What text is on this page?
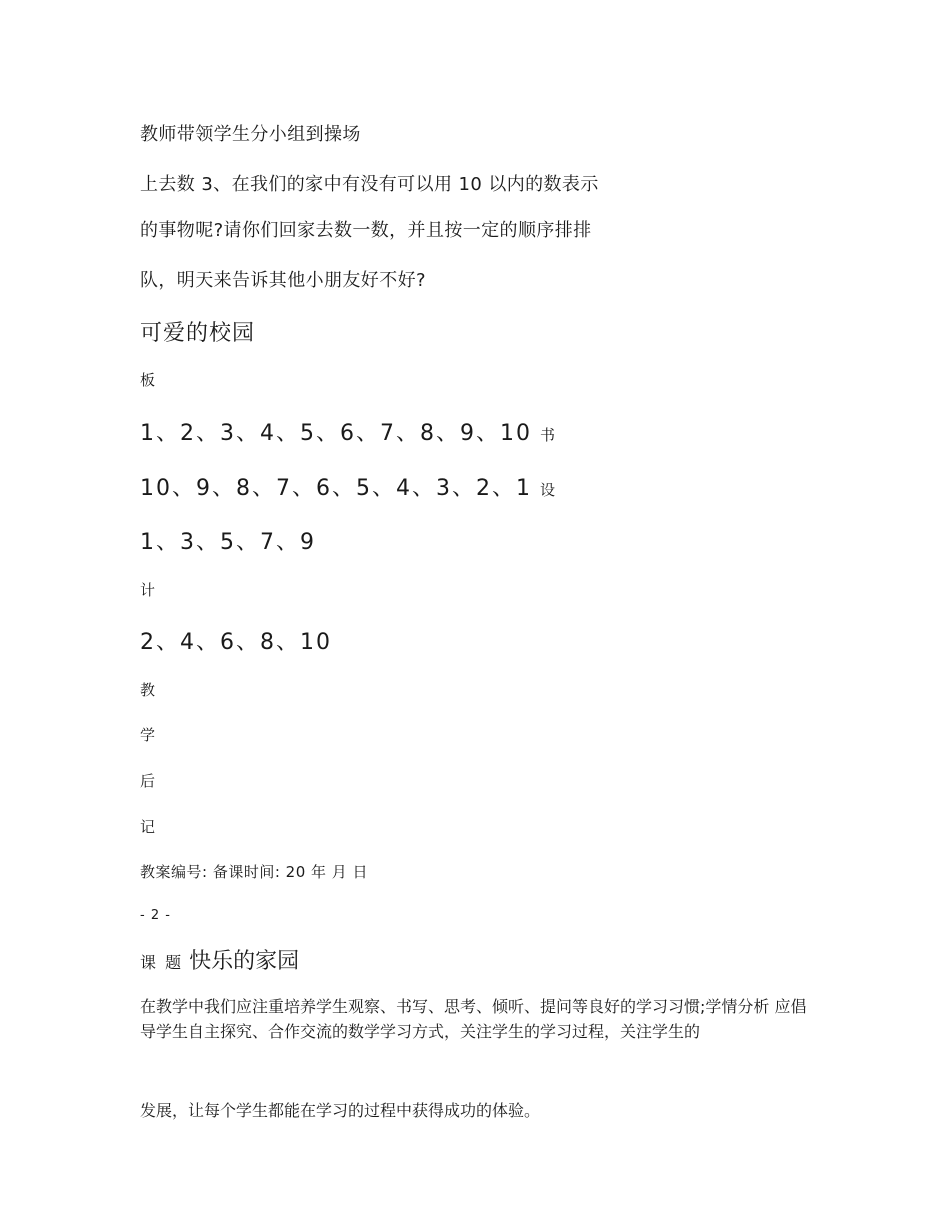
教师带领学生分小组到操场
上去数 3、在我们的家中有没有可以用 10 以内的数表示
的事物呢?请你们回家去数一数，并且按一定的顺序排排
队，明天来告诉其他小朋友好不好?
可爱的校园
板
1、2、3、4、5、6、7、8、9、10 书
10、9、8、7、6、5、4、3、2、1 设
1、3、5、7、9
计
2、4、6、8、10
教
学
后
记
教案编号: 备课时间: 20 年 月 日
- 2 -
课 题 快乐的家园
在教学中我们应注重培养学生观察、书写、思考、倾听、提问等良好的学习习惯;学情分析 应倡导学生自主探究、合作交流的数学学习方式，关注学生的学习过程，关注学生的
发展，让每个学生都能在学习的过程中获得成功的体验。
